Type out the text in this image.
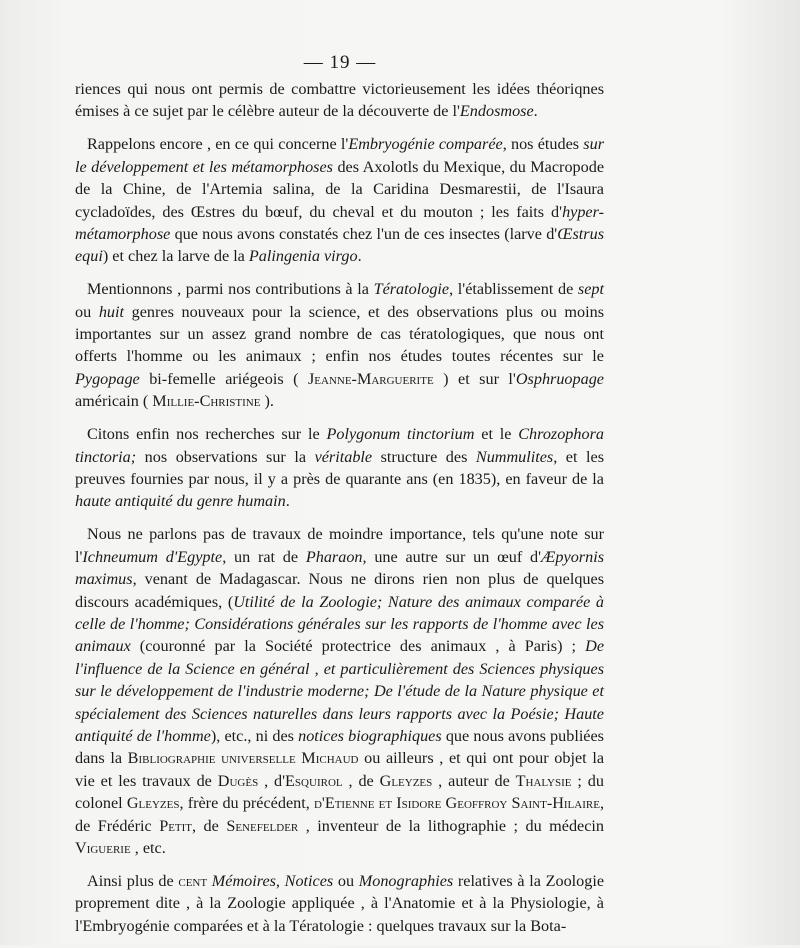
— 19 —

riences qui nous ont permis de combattre victorieusement les idées théoriqnes émises à ce sujet par le célèbre auteur de la découverte de l'Endosmose.

Rappelons encore , en ce qui concerne l'Embryogénie comparée, nos études sur le développement et les métamorphoses des Axolotls du Mexique, du Macropode de la Chine, de l'Artemia salina, de la Caridina Desmarestii, de l'Isaura cycladoïdes, des Œstres du bœuf, du cheval et du mouton ; les faits d'hyper-métamorphose que nous avons constatés chez l'un de ces insectes (larve d'Œstrus equi) et chez la larve de la Palingenia virgo.

Mentionnons , parmi nos contributions à la Tératologie, l'établissement de sept ou huit genres nouveaux pour la science, et des observations plus ou moins importantes sur un assez grand nombre de cas tératologiques, que nous ont offerts l'homme ou les animaux ; enfin nos études toutes récentes sur le Pygopage bi-femelle ariégeois ( Jeanne-Marguerite ) et sur l'Osphruopage américain ( Millie-Christine ).

Citons enfin nos recherches sur le Polygonum tinctorium et le Chrozophora tinctoria; nos observations sur la véritable structure des Nummulites, et les preuves fournies par nous, il y a près de quarante ans (en 1835), en faveur de la haute antiquité du genre humain.

Nous ne parlons pas de travaux de moindre importance, tels qu'une note sur l'Ichneumum d'Egypte, un rat de Pharaon, une autre sur un œuf d'Æpyornis maximus, venant de Madagascar. Nous ne dirons rien non plus de quelques discours académiques, (Utilité de la Zoologie; Nature des animaux comparée à celle de l'homme; Considérations générales sur les rapports de l'homme avec les animaux (couronné par la Société protectrice des animaux , à Paris) ; De l'influence de la Science en général , et particulièrement des Sciences physiques sur le développement de l'industrie moderne; De l'étude de la Nature physique et spécialement des Sciences naturelles dans leurs rapports avec la Poésie; Haute antiquité de l'homme), etc., ni des notices biographiques que nous avons publiées dans la Bibliographie universelle Michaud ou ailleurs , et qui ont pour objet la vie et les travaux de Dugès , d'Esquirol , de Gleyzes , auteur de Thalysie ; du colonel Gleyzes, frère du précédent, d'Etienne et Isidore Geoffroy Saint-Hilaire, de Frédéric Petit, de Senefelder , inventeur de la lithographie ; du médecin Viguerie , etc.

Ainsi plus de cent Mémoires, Notices ou Monographies relatives à la Zoologie proprement dite , à la Zoologie appliquée , à l'Anatomie et à la Physiologie, à l'Embryogénie comparées et à la Tératologie : quelques travaux sur la Bota-
